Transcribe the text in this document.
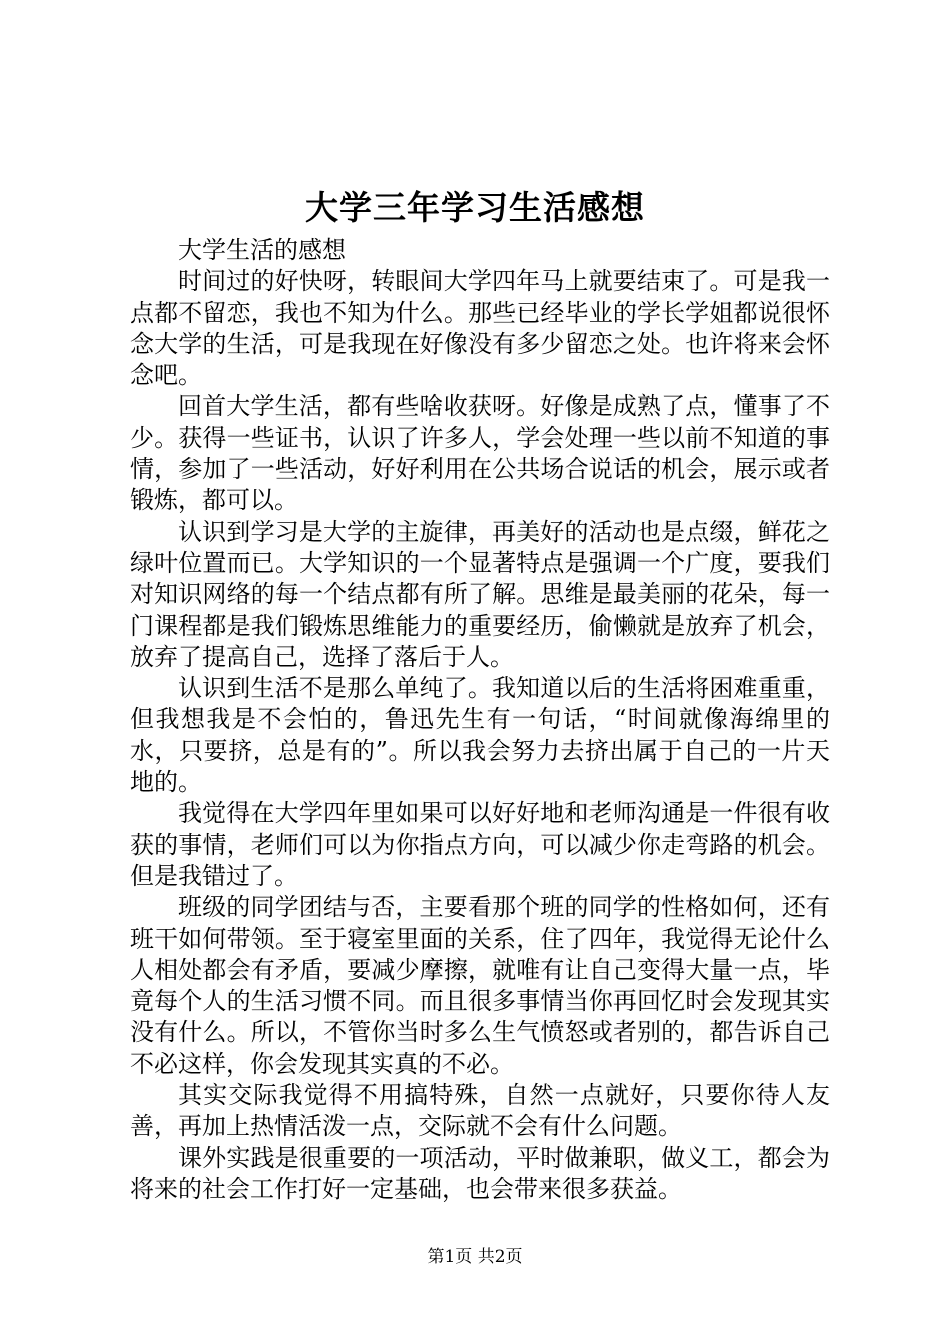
大学三年学习生活感想

大学生活的感想

时间过的好快呀，转眼间大学四年马上就要结束了。可是我一点都不留恋，我也不知为什么。那些已经毕业的学长学姐都说很怀念大学的生活，可是我现在好像没有多少留恋之处。也许将来会怀念吧。

回首大学生活，都有些啥收获呀。好像是成熟了点，懂事了不少。获得一些证书，认识了许多人，学会处理一些以前不知道的事情，参加了一些活动，好好利用在公共场合说话的机会，展示或者锻炼，都可以。

认识到学习是大学的主旋律，再美好的活动也是点缀，鲜花之绿叶位置而已。大学知识的一个显著特点是强调一个广度，要我们对知识网络的每一个结点都有所了解。思维是最美丽的花朵，每一门课程都是我们锻炼思维能力的重要经历，偷懒就是放弃了机会，放弃了提高自己，选择了落后于人。

认识到生活不是那么单纯了。我知道以后的生活将困难重重，但我想我是不会怕的，鲁迅先生有一句话，“时间就像海绵里的水，只要挤，总是有的”。所以我会努力去挤出属于自己的一片天地的。

我觉得在大学四年里如果可以好好地和老师沟通是一件很有收获的事情，老师们可以为你指点方向，可以减少你走弯路的机会。但是我错过了。

班级的同学团结与否，主要看那个班的同学的性格如何，还有班干如何带领。至于寝室里面的关系，住了四年，我觉得无论什么人相处都会有矛盾，要减少摩擦，就唯有让自己变得大量一点，毕竟每个人的生活习惯不同。而且很多事情当你再回忆时会发现其实没有什么。所以，不管你当时多么生气愤怒或者别的，都告诉自己不必这样，你会发现其实真的不必。

其实交际我觉得不用搞特殊，自然一点就好，只要你待人友善，再加上热情活泼一点，交际就不会有什么问题。

课外实践是很重要的一项活动，平时做兼职，做义工，都会为将来的社会工作打好一定基础，也会带来很多获益。

第1页 共2页
